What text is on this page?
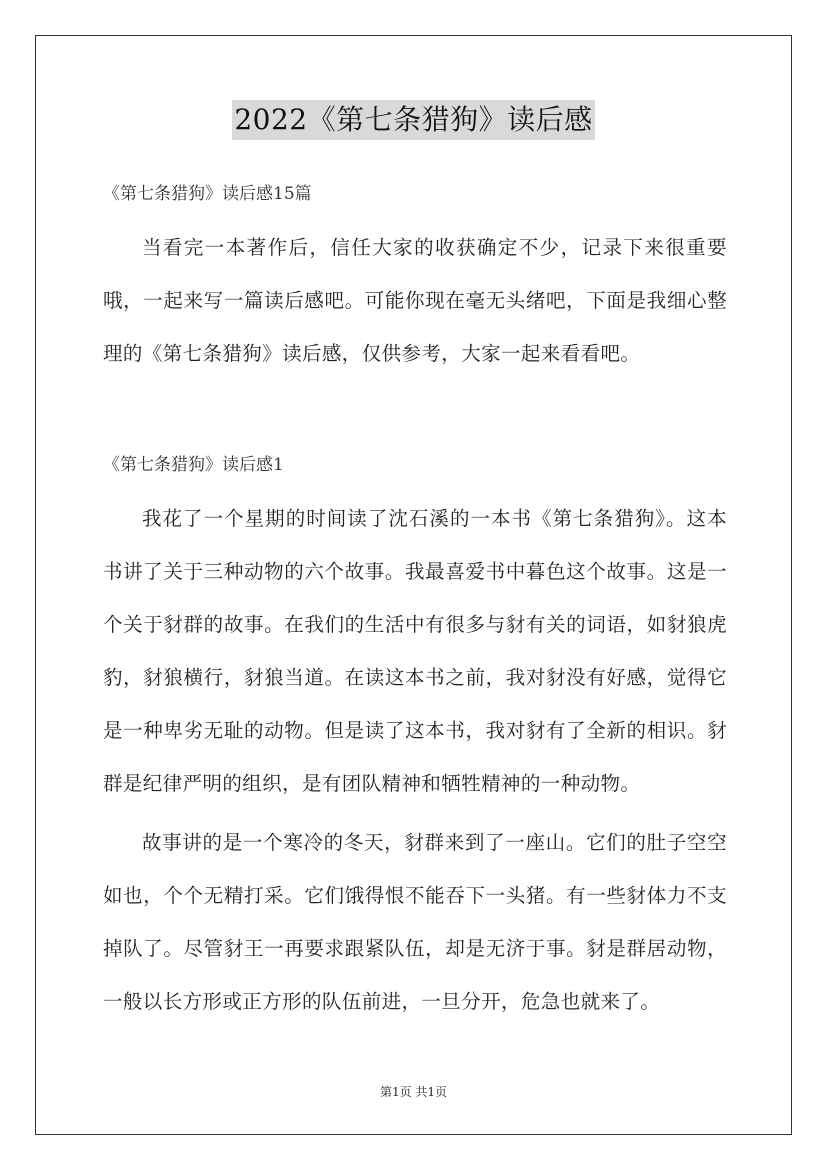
2022《第七条猎狗》读后感
《第七条猎狗》读后感15篇

当看完一本著作后，信任大家的收获确定不少，记录下来很重要哦，一起来写一篇读后感吧。可能你现在毫无头绪吧，下面是我细心整理的《第七条猎狗》读后感，仅供参考，大家一起来看看吧。

《第七条猎狗》读后感1

我花了一个星期的时间读了沈石溪的一本书《第七条猎狗》。这本书讲了关于三种动物的六个故事。我最喜爱书中暮色这个故事。这是一个关于豺群的故事。在我们的生活中有很多与豺有关的词语，如豺狼虎豹，豺狼横行，豺狼当道。在读这本书之前，我对豺没有好感，觉得它是一种卑劣无耻的动物。但是读了这本书，我对豺有了全新的相识。豺群是纪律严明的组织，是有团队精神和牺牲精神的一种动物。

故事讲的是一个寒冷的冬天，豺群来到了一座山。它们的肚子空空如也，个个无精打采。它们饿得恨不能吞下一头猪。有一些豺体力不支掉队了。尽管豺王一再要求跟紧队伍，却是无济于事。豺是群居动物，一般以长方形或正方形的队伍前进，一旦分开，危急也就来了。

第1页 共1页
